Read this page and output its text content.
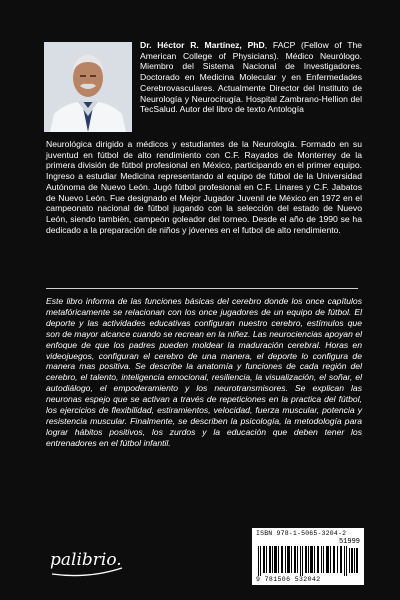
Dr. Héctor R. Martínez, PhD, FACP (Fellow of The American College of Physicians). Médico Neurólogo. Miembro del Sistema Nacional de Investigadores. Doctorado en Medicina Molecular y en Enfermedades Cerebrovasculares. Actualmente Director del Instituto de Neurología y Neurocirugía. Hospital Zambrano-Hellion del TecSalud. Autor del libro de texto Antología

Neurológica dirigido a médicos y estudiantes de la Neurología. Formado en su juventud en fútbol de alto rendimiento con C.F. Rayados de Monterrey de la primera división de fútbol profesional en México, participando en el primer equipo. Ingreso a estudiar Medicina representando al equipo de fútbol de la Universidad Autónoma de Nuevo León. Jugó fútbol profesional en C.F. Linares y C.F. Jabatos de Nuevo León. Fue designado el Mejor Jugador Juvenil de México en 1972 en el campeonato nacional de fútbol jugando con la selección del estado de Nuevo León, siendo también, campeón goleador del torneo. Desde el año de 1990 se ha dedicado a la preparación de niños y jóvenes en el futbol de alto rendimiento.

Este libro informa de las funciones básicas del cerebro donde los once capítulos metafóricamente se relacionan con los once jugadores de un equipo de fútbol. El deporte y las actividades educativas configuran nuestro cerebro, estímulos que son de mayor alcance cuando se recrean en la niñez. Las neurociencias apoyan el enfoque de que los padres pueden moldear la maduración cerebral. Horas en videojuegos, configuran el cerebro de una manera, el deporte lo configura de manera mas positiva. Se describe la anatomía y funciones de cada región del cerebro, el talento, inteligencia emocional, resiliencia, la visualización, el soñar, el autodiálogo, el empoderamiento y los neurotransmisores. Se explican las neuronas espejo que se activan a través de repeticiones en la practica del fútbol, los ejercicios de flexibilidad, estiramientos, velocidad, fuerza muscular, potencia y resistencia muscular. Finalmente, se describen la psicología, la metodología para lograr hábitos positivos, los zurdos y la educación que deben tener los entrenadores en el fútbol infantil.

palibrio.
ISBN 978-1-5065-3204-2
51999
9 781506 532042
